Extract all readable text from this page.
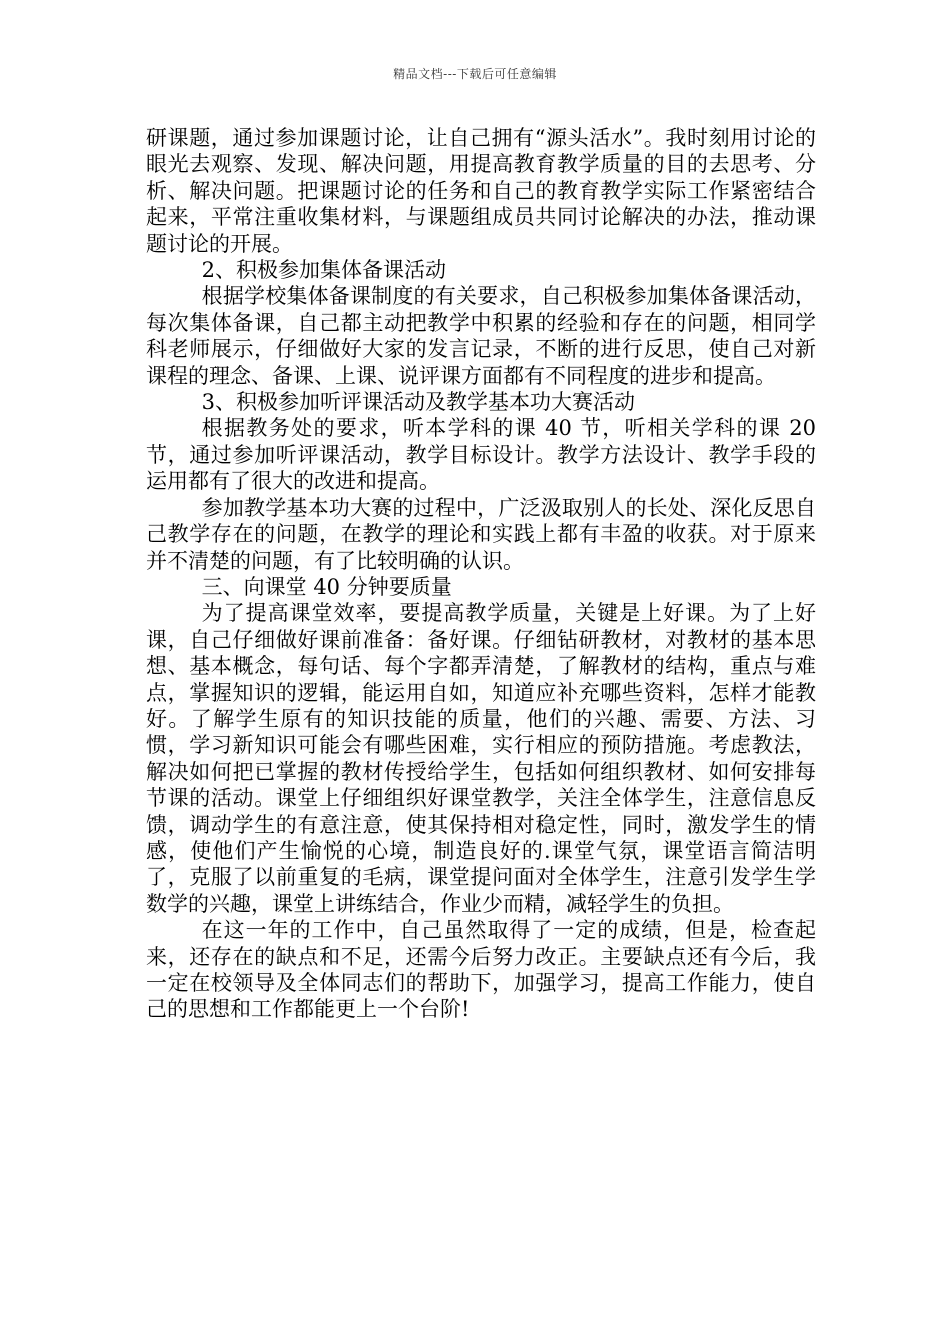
精品文档---下载后可任意编辑

研课题，通过参加课题讨论，让自己拥有“源头活水”。我时刻用讨论的眼光去观察、发现、解决问题，用提高教育教学质量的目的去思考、分析、解决问题。把课题讨论的任务和自己的教育教学实际工作紧密结合起来，平常注重收集材料，与课题组成员共同讨论解决的办法，推动课题讨论的开展。

2、积极参加集体备课活动

根据学校集体备课制度的有关要求，自己积极参加集体备课活动，每次集体备课，自己都主动把教学中积累的经验和存在的问题，相同学科老师展示，仔细做好大家的发言记录，不断的进行反思，使自己对新课程的理念、备课、上课、说评课方面都有不同程度的进步和提高。

3、积极参加听评课活动及教学基本功大赛活动

根据教务处的要求，听本学科的课 40 节，听相关学科的课 20 节，通过参加听评课活动，教学目标设计。教学方法设计、教学手段的运用都有了很大的改进和提高。

参加教学基本功大赛的过程中，广泛汲取别人的长处、深化反思自己教学存在的问题，在教学的理论和实践上都有丰盈的收获。对于原来并不清楚的问题，有了比较明确的认识。

三、向课堂 40 分钟要质量

为了提高课堂效率，要提高教学质量，关键是上好课。为了上好课，自己仔细做好课前准备：备好课。仔细钻研教材，对教材的基本思想、基本概念，每句话、每个字都弄清楚，了解教材的结构，重点与难点，掌握知识的逻辑，能运用自如，知道应补充哪些资料，怎样才能教好。了解学生原有的知识技能的质量，他们的兴趣、需要、方法、习惯，学习新知识可能会有哪些困难，实行相应的预防措施。考虑教法，解决如何把已掌握的教材传授给学生，包括如何组织教材、如何安排每节课的活动。课堂上仔细组织好课堂教学，关注全体学生，注意信息反馈，调动学生的有意注意，使其保持相对稳定性，同时，激发学生的情感，使他们产生愉悦的心境，制造良好的.课堂气氛，课堂语言简洁明了，克服了以前重复的毛病，课堂提问面对全体学生，注意引发学生学数学的兴趣，课堂上讲练结合，作业少而精，减轻学生的负担。

在这一年的工作中，自己虽然取得了一定的成绩，但是，检查起来，还存在的缺点和不足，还需今后努力改正。主要缺点还有今后，我一定在校领导及全体同志们的帮助下，加强学习，提高工作能力，使自己的思想和工作都能更上一个台阶!
